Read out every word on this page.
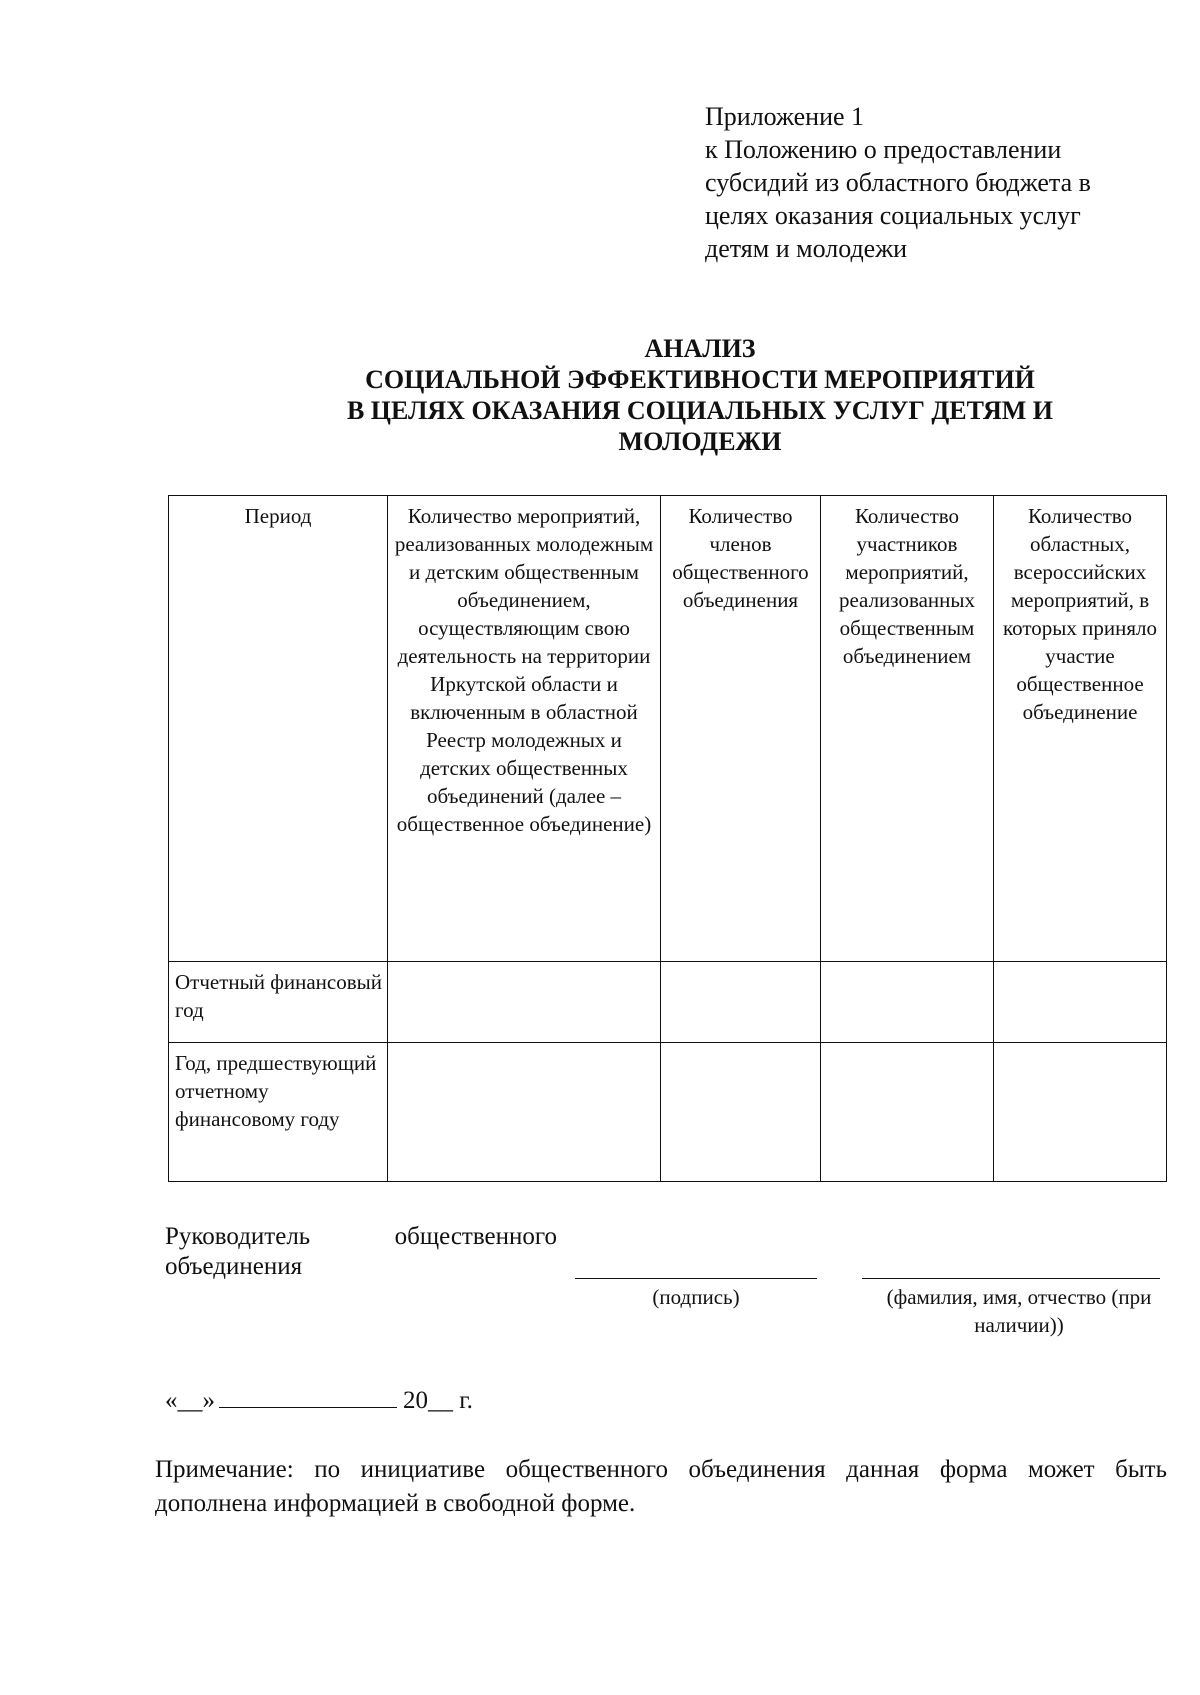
Приложение 1
к Положению о предоставлении
субсидий из областного бюджета в
целях оказания социальных услуг
детям и молодежи
АНАЛИЗ
СОЦИАЛЬНОЙ ЭФФЕКТИВНОСТИ МЕРОПРИЯТИЙ
В ЦЕЛЯХ ОКАЗАНИЯ СОЦИАЛЬНЫХ УСЛУГ ДЕТЯМ И
МОЛОДЕЖИ
Период	Количество мероприятий, реализованных молодежным и детским общественным объединением, осуществляющим свою деятельность на территории Иркутской области и включенным в областной Реестр молодежных и детских общественных объединений (далее – общественное объединение)	Количество членов общественного объединения	Количество участников мероприятий, реализованных общественным объединением	Количество областных, всероссийских мероприятий, в которых приняло участие общественное объединение
Отчетный финансовый год				
Год, предшествующий отчетному финансовому году				
Руководитель	общественного
объединения
(подпись)	(фамилия, имя, отчество (при наличии))
«__»	20__ г.
Примечание: по инициативе общественного объединения данная форма может быть дополнена информацией в свободной форме.
